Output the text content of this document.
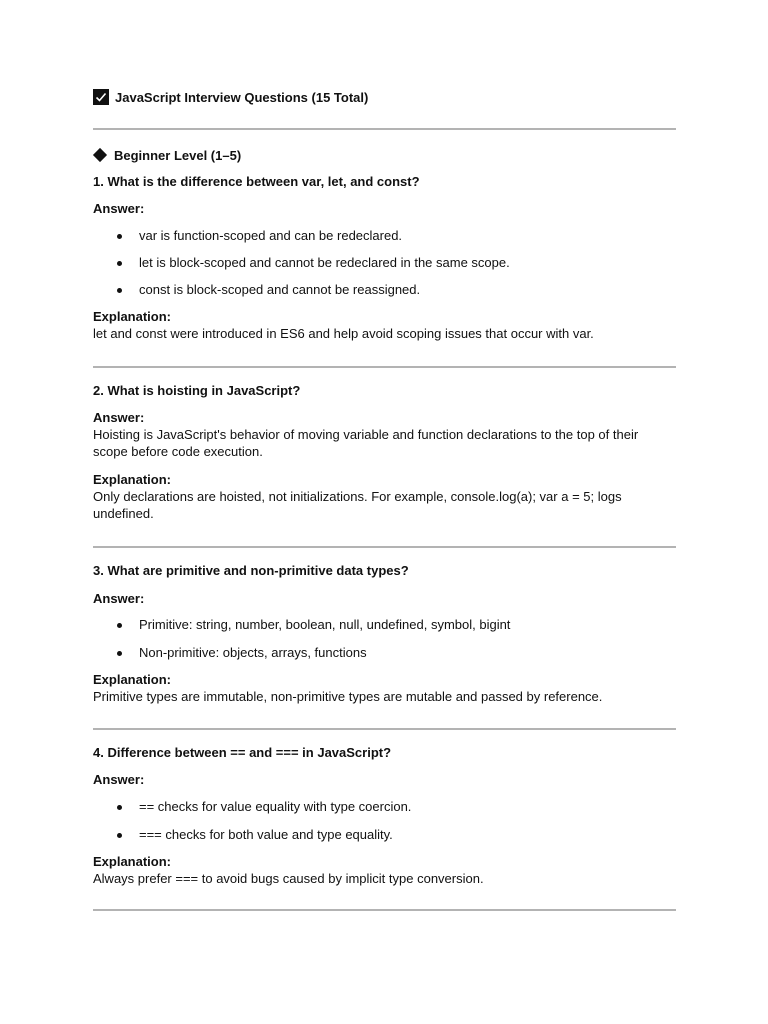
JavaScript Interview Questions (15 Total)
Beginner Level (1–5)
1. What is the difference between var, let, and const?
Answer:
var is function-scoped and can be redeclared.
let is block-scoped and cannot be redeclared in the same scope.
const is block-scoped and cannot be reassigned.
Explanation:
let and const were introduced in ES6 and help avoid scoping issues that occur with var.
2. What is hoisting in JavaScript?
Answer:
Hoisting is JavaScript's behavior of moving variable and function declarations to the top of their
scope before code execution.
Explanation:
Only declarations are hoisted, not initializations. For example, console.log(a); var a = 5; logs
undefined.
3. What are primitive and non-primitive data types?
Answer:
Primitive: string, number, boolean, null, undefined, symbol, bigint
Non-primitive: objects, arrays, functions
Explanation:
Primitive types are immutable, non-primitive types are mutable and passed by reference.
4. Difference between == and === in JavaScript?
Answer:
== checks for value equality with type coercion.
=== checks for both value and type equality.
Explanation:
Always prefer === to avoid bugs caused by implicit type conversion.
